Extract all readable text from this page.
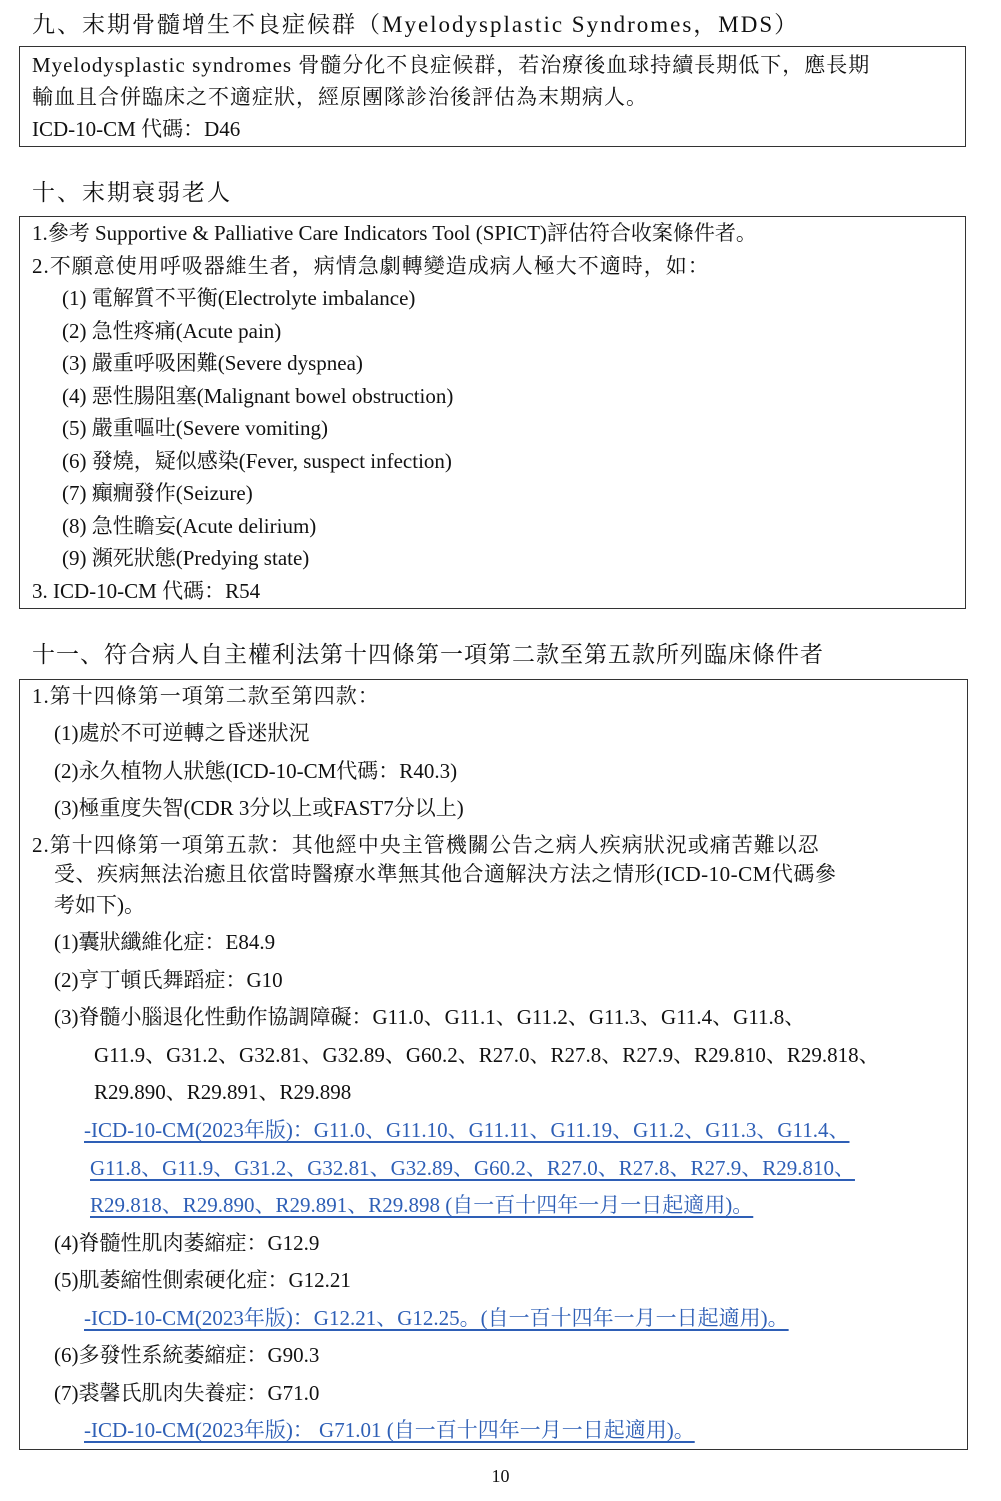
九、末期骨髓增生不良症候群（Myelodysplastic Syndromes，MDS）
Myelodysplastic syndromes 骨髓分化不良症候群，若治療後血球持續長期低下，應長期
輸血且合併臨床之不適症狀，經原團隊診治後評估為末期病人。
ICD-10-CM 代碼：D46
十、末期衰弱老人
1.參考 Supportive & Palliative Care Indicators Tool (SPICT)評估符合收案條件者。
2.不願意使用呼吸器維生者，病情急劇轉變造成病人極大不適時，如：
(1) 電解質不平衡(Electrolyte imbalance)
(2) 急性疼痛(Acute pain)
(3) 嚴重呼吸困難(Severe dyspnea)
(4) 惡性腸阻塞(Malignant bowel obstruction)
(5) 嚴重嘔吐(Severe vomiting)
(6) 發燒，疑似感染(Fever, suspect infection)
(7) 癲癇發作(Seizure)
(8) 急性瞻妄(Acute delirium)
(9) 瀕死狀態(Predying state)
3. ICD-10-CM 代碼：R54
十一、符合病人自主權利法第十四條第一項第二款至第五款所列臨床條件者
1.第十四條第一項第二款至第四款：
(1)處於不可逆轉之昏迷狀況
(2)永久植物人狀態(ICD-10-CM代碼：R40.3)
(3)極重度失智(CDR 3分以上或FAST7分以上)
2.第十四條第一項第五款：其他經中央主管機關公告之病人疾病狀況或痛苦難以忍
受、疾病無法治癒且依當時醫療水準無其他合適解決方法之情形(ICD-10-CM代碼參
考如下)。
(1)囊狀纖維化症：E84.9
(2)亨丁頓氏舞蹈症：G10
(3)脊髓小腦退化性動作協調障礙：G11.0、G11.1、G11.2、G11.3、G11.4、G11.8、
G11.9、G31.2、G32.81、G32.89、G60.2、R27.0、R27.8、R27.9、R29.810、R29.818、
R29.890、R29.891、R29.898
-ICD-10-CM(2023年版)：G11.0、G11.10、G11.11、G11.19、G11.2、G11.3、G11.4、
G11.8、G11.9、G31.2、G32.81、G32.89、G60.2、R27.0、R27.8、R27.9、R29.810、
R29.818、R29.890、R29.891、R29.898 (自一百十四年一月一日起適用)。
(4)脊髓性肌肉萎縮症：G12.9
(5)肌萎縮性側索硬化症：G12.21
-ICD-10-CM(2023年版)：G12.21、G12.25。(自一百十四年一月一日起適用)。
(6)多發性系統萎縮症：G90.3
(7)裘馨氏肌肉失養症：G71.0
-ICD-10-CM(2023年版)： G71.01 (自一百十四年一月一日起適用)。
10
